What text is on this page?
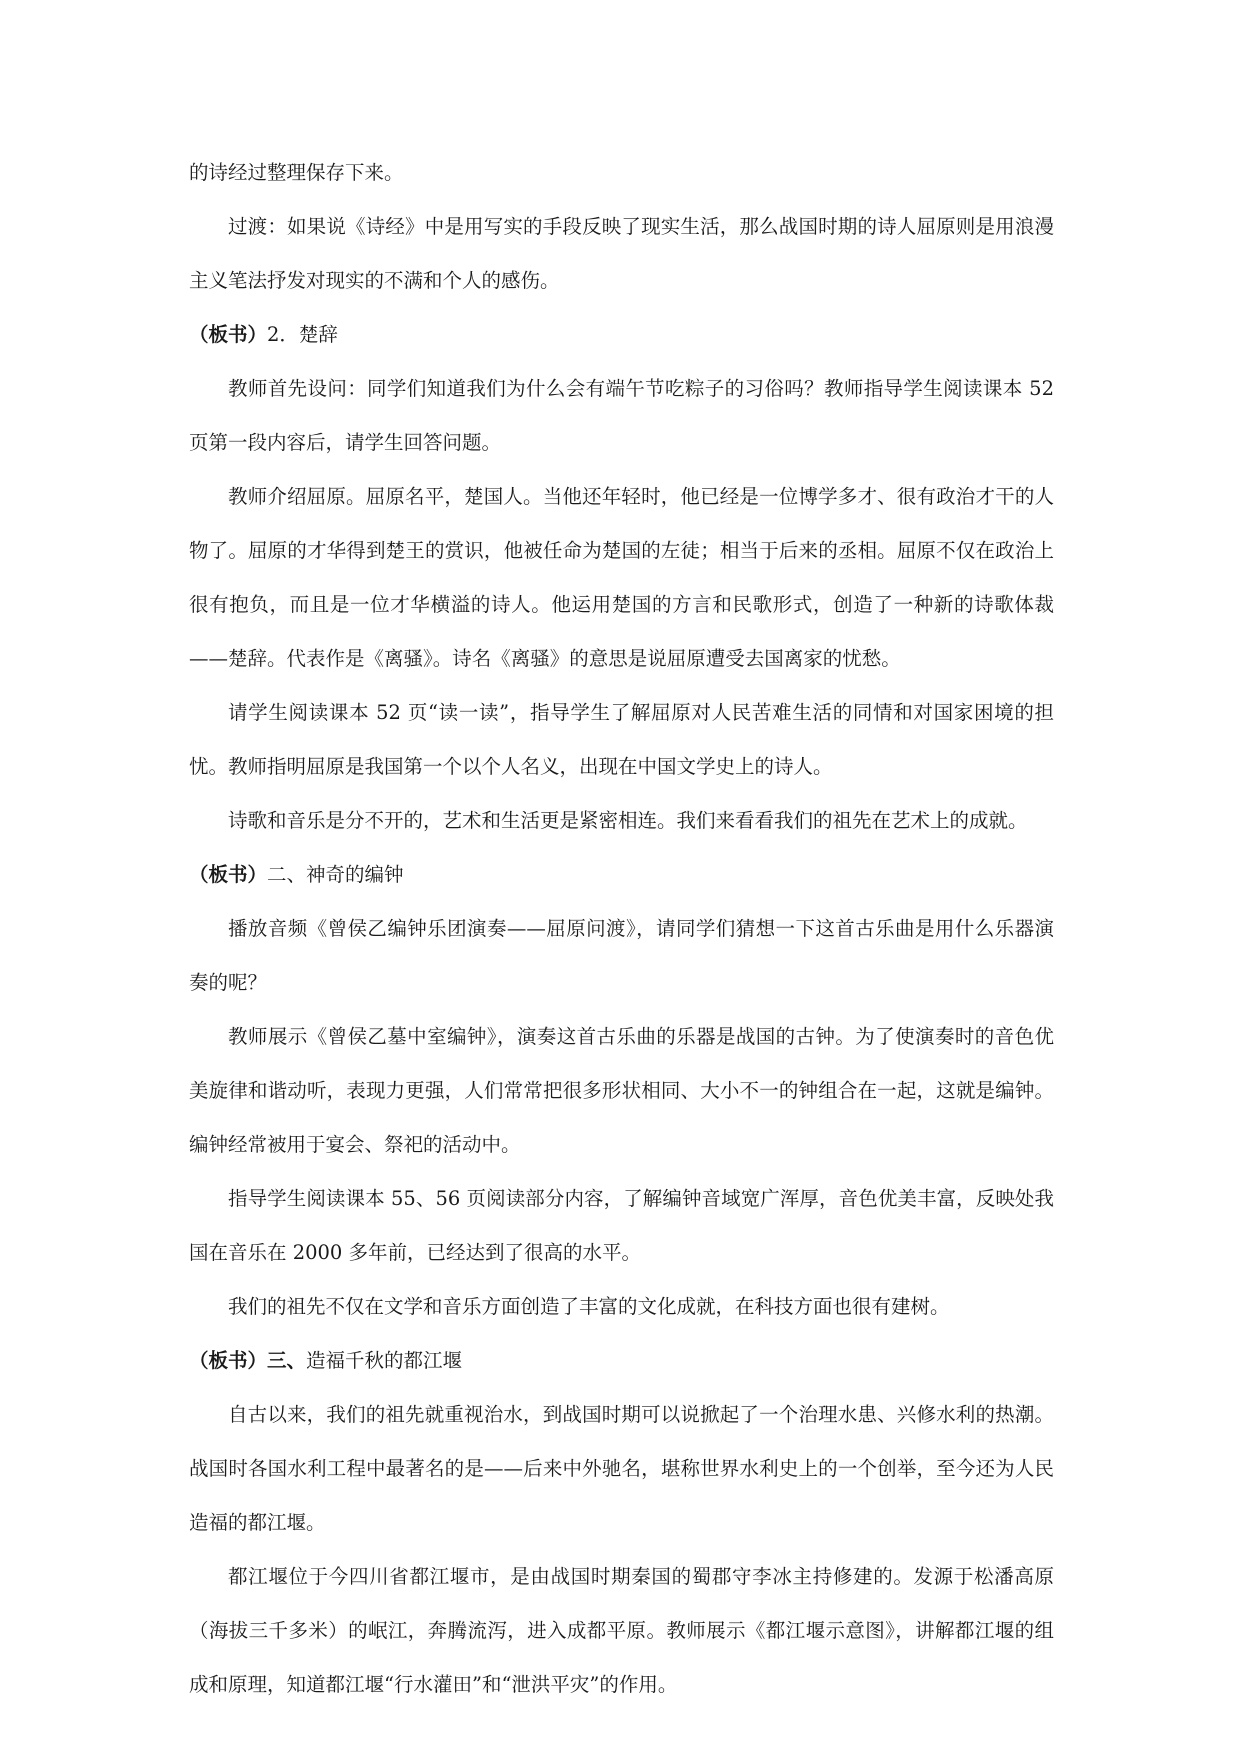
的诗经过整理保存下来。

过渡：如果说《诗经》中是用写实的手段反映了现实生活，那么战国时期的诗人屈原则是用浪漫主义笔法抒发对现实的不满和个人的感伤。

（板书）2．楚辞

教师首先设问：同学们知道我们为什么会有端午节吃粽子的习俗吗？教师指导学生阅读课本 52 页第一段内容后，请学生回答问题。

教师介绍屈原。屈原名平，楚国人。当他还年轻时，他已经是一位博学多才、很有政治才干的人物了。屈原的才华得到楚王的赏识，他被任命为楚国的左徒；相当于后来的丞相。屈原不仅在政治上很有抱负，而且是一位才华横溢的诗人。他运用楚国的方言和民歌形式，创造了一种新的诗歌体裁——楚辞。代表作是《离骚》。诗名《离骚》的意思是说屈原遭受去国离家的忧愁。

请学生阅读课本 52 页“读一读”，指导学生了解屈原对人民苦难生活的同情和对国家困境的担忧。教师指明屈原是我国第一个以个人名义，出现在中国文学史上的诗人。

诗歌和音乐是分不开的，艺术和生活更是紧密相连。我们来看看我们的祖先在艺术上的成就。

（板书）二、神奇的编钟

播放音频《曾侯乙编钟乐团演奏——屈原问渡》，请同学们猜想一下这首古乐曲是用什么乐器演奏的呢？

教师展示《曾侯乙墓中室编钟》，演奏这首古乐曲的乐器是战国的古钟。为了使演奏时的音色优美旋律和谐动听，表现力更强，人们常常把很多形状相同、大小不一的钟组合在一起，这就是编钟。编钟经常被用于宴会、祭祀的活动中。

指导学生阅读课本 55、56 页阅读部分内容，了解编钟音域宽广浑厚，音色优美丰富，反映处我国在音乐在 2000 多年前，已经达到了很高的水平。

我们的祖先不仅在文学和音乐方面创造了丰富的文化成就，在科技方面也很有建树。

（板书）三、造福千秋的都江堰

自古以来，我们的祖先就重视治水，到战国时期可以说掀起了一个治理水患、兴修水利的热潮。战国时各国水利工程中最著名的是——后来中外驰名，堪称世界水利史上的一个创举，至今还为人民造福的都江堰。

都江堰位于今四川省都江堰市，是由战国时期秦国的蜀郡守李冰主持修建的。发源于松潘高原（海拔三千多米）的岷江，奔腾流泻，进入成都平原。教师展示《都江堰示意图》，讲解都江堰的组成和原理，知道都江堰“行水灌田”和“泄洪平灾”的作用。
